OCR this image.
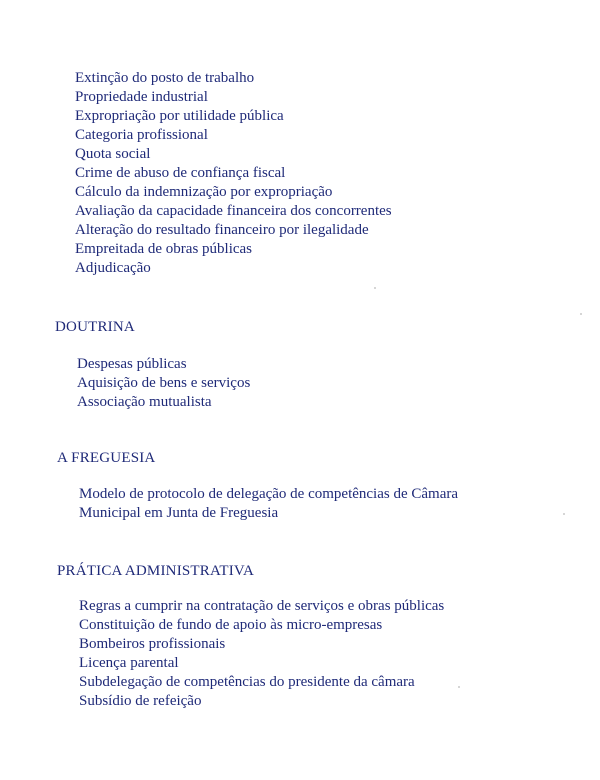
Extinção do posto de trabalho
Propriedade industrial
Expropriação por utilidade pública
Categoria profissional
Quota social
Crime de abuso de confiança fiscal
Cálculo da indemnização por expropriação
Avaliação da capacidade financeira dos concorrentes
Alteração do resultado financeiro por ilegalidade
Empreitada de obras públicas
Adjudicação
DOUTRINA
Despesas públicas
Aquisição de bens e serviços
Associação mutualista
A FREGUESIA
Modelo de protocolo de delegação de competências de Câmara
Municipal em Junta de Freguesia
PRÁTICA ADMINISTRATIVA
Regras a cumprir na contratação de serviços e obras públicas
Constituição de fundo de apoio às micro-empresas
Bombeiros profissionais
Licença parental
Subdelegação de competências do presidente da câmara
Subsídio de refeição
